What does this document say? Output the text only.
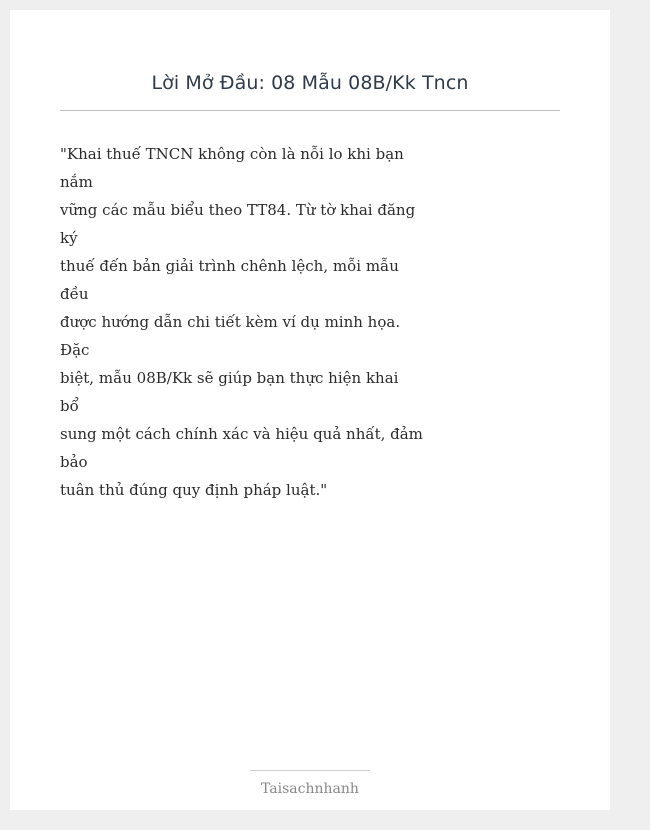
Lời Mở Đầu: 08 Mẫu 08B/Kk Tncn

"Khai thuế TNCN không còn là nỗi lo khi bạn
nắm
vững các mẫu biểu theo TT84. Từ tờ khai đăng
ký
thuế đến bản giải trình chênh lệch, mỗi mẫu
đều
được hướng dẫn chi tiết kèm ví dụ minh họa.
Đặc
biệt, mẫu 08B/Kk sẽ giúp bạn thực hiện khai
bổ
sung một cách chính xác và hiệu quả nhất, đảm
bảo
tuân thủ đúng quy định pháp luật."

Taisachnhanh
